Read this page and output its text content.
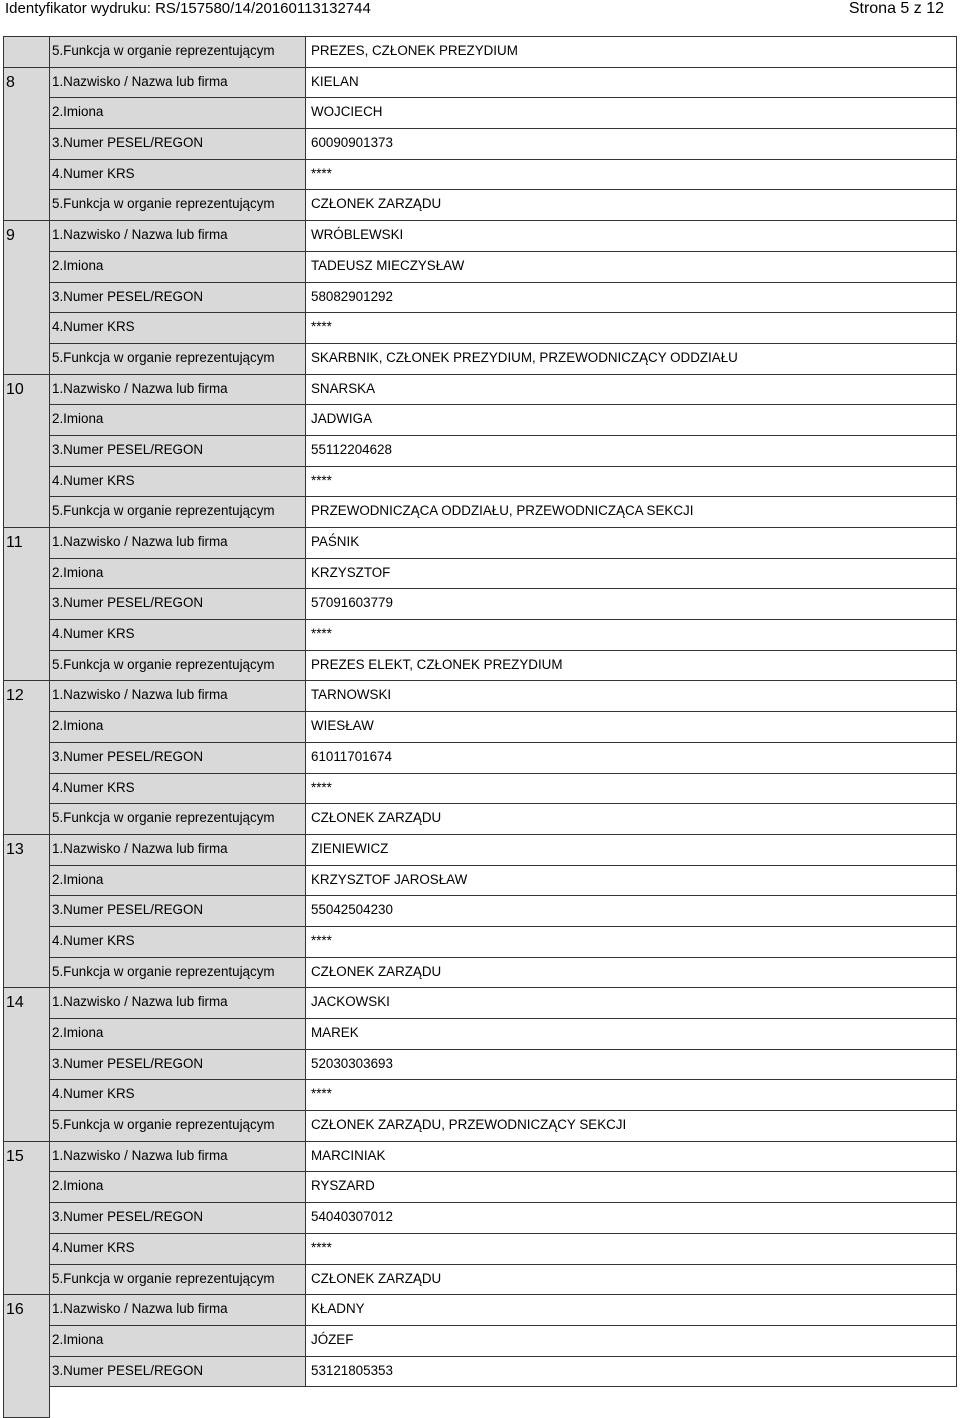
Identyfikator wydruku: RS/157580/14/20160113132744	Strona 5 z 12
5.Funkcja w organie reprezentującym	PREZES, CZŁONEK PREZYDIUM
8	1.Nazwisko / Nazwa lub firma	KIELAN
2.Imiona	WOJCIECH
3.Numer PESEL/REGON	60090901373
4.Numer KRS	****
5.Funkcja w organie reprezentującym	CZŁONEK ZARZĄDU
9	1.Nazwisko / Nazwa lub firma	WRÓBLEWSKI
2.Imiona	TADEUSZ MIECZYSŁAW
3.Numer PESEL/REGON	58082901292
4.Numer KRS	****
5.Funkcja w organie reprezentującym	SKARBNIK, CZŁONEK PREZYDIUM, PRZEWODNICZĄCY ODDZIAŁU
10 1.Nazwisko / Nazwa lub firma	SNARSKA
2.Imiona	JADWIGA
3.Numer PESEL/REGON	55112204628
4.Numer KRS	****
5.Funkcja w organie reprezentującym	PRZEWODNICZĄCA ODDZIAŁU, PRZEWODNICZĄCA SEKCJI
11 1.Nazwisko / Nazwa lub firma	PAŚNIK
2.Imiona	KRZYSZTOF
3.Numer PESEL/REGON	57091603779
4.Numer KRS	****
5.Funkcja w organie reprezentującym	PREZES ELEKT, CZŁONEK PREZYDIUM
12 1.Nazwisko / Nazwa lub firma	TARNOWSKI
2.Imiona	WIESŁAW
3.Numer PESEL/REGON	61011701674
4.Numer KRS	****
5.Funkcja w organie reprezentującym	CZŁONEK ZARZĄDU
13 1.Nazwisko / Nazwa lub firma	ZIENIEWICZ
2.Imiona	KRZYSZTOF JAROSŁAW
3.Numer PESEL/REGON	55042504230
4.Numer KRS	****
5.Funkcja w organie reprezentującym	CZŁONEK ZARZĄDU
14 1.Nazwisko / Nazwa lub firma	JACKOWSKI
2.Imiona	MAREK
3.Numer PESEL/REGON	52030303693
4.Numer KRS	****
5.Funkcja w organie reprezentującym	CZŁONEK ZARZĄDU, PRZEWODNICZĄCY SEKCJI
15 1.Nazwisko / Nazwa lub firma	MARCINIAK
2.Imiona	RYSZARD
3.Numer PESEL/REGON	54040307012
4.Numer KRS	****
5.Funkcja w organie reprezentującym	CZŁONEK ZARZĄDU
16 1.Nazwisko / Nazwa lub firma	KŁADNY
2.Imiona	JÓZEF
3.Numer PESEL/REGON	53121805353
